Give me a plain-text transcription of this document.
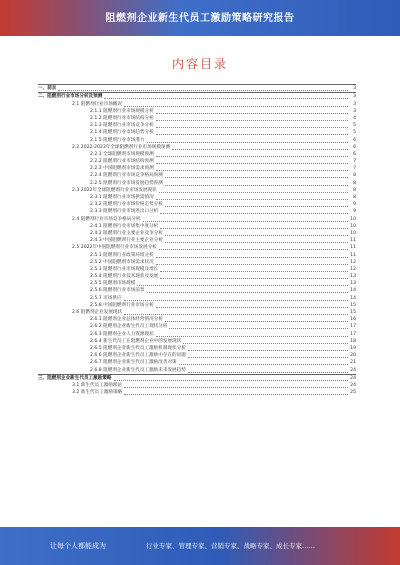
阻燃剂企业新生代员工激励策略研究报告
内容目录
一、前言	3
二、阻燃剂行业市场分析及预测	3
2.1 阻燃剂行业市场概况	3
2.1.1 阻燃剂行业市场规模分析	3
2.1.2 阻燃剂行业市场结构分析	4
2.1.3 阻燃剂行业市场竞争分析	5
2.1.4 阻燃剂行业市场趋势分析	5
2.1.5 阻燃剂行业市场潜力	6
2.2 2022-2023年全球阻燃剂行业市场规模预测	6
2.2.1 全球阻燃剂市场规模预测	6
2.2.2 阻燃剂行业市场结构预测	7
2.2.3 中国阻燃剂市场需求预测	7
2.2.4 阻燃剂行业市场竞争格局预测	8
2.2.5 阻燃剂行业市场发展趋势预测	8
2.3 2022年全球阻燃剂行业市场发展现状	8
2.3.1 阻燃剂行业市场供需情况	8
2.3.2 阻燃剂行业市场价格走势分析	9
2.3.3 阻燃剂行业市场进出口分析	9
2.4 阻燃剂行业市场竞争格局分析	10
2.4.1 阻燃剂行业市场集中度分析	10
2.4.2 阻燃剂行业主要企业竞争分析	10
2.4.3 中国阻燃剂行业主要企业分析	11
2.5 2022年中国阻燃剂行业市场发展分析	11
2.5.1 阻燃剂行业政策环境分析	11
2.5.2 中国阻燃剂市场需求状况	12
2.5.3 阻燃剂行业市场规模及增长	12
2.5.4 阻燃剂行业技术现状及发展	13
2.5.5 阻燃剂市场规模	13
2.5.6 阻燃剂行业市场前景	14
2.5.7 市场供应	14
2.5.8 中国阻燃剂行业市场分析	15
2.6 阻燃剂企业发展现状	15
2.6.1 阻燃剂企业总体经营情况分析	16
2.6.2 阻燃剂企业新生代员工现状分析	17
2.6.3 阻燃剂企业人力资源现状	17
2.6.4 新生代员工在阻燃剂企业中的发展现状	18
2.6.5 阻燃剂企业新生代员工激励机制现状分析	19
2.6.6 阻燃剂企业新生代员工激励中存在的问题	20
2.6.7 阻燃剂企业新生代员工激励改善对策	21
2.6.8 阻燃剂企业新生代员工激励未来发展趋势	24
三、阻燃剂企业新生代员工激励策略	24
3.1 新生代员工激励理论	24
3.2 新生代员工激励策略	25
让每个人都能成为	行业专家、管理专家、营销专家、战略专家、成长专家……
